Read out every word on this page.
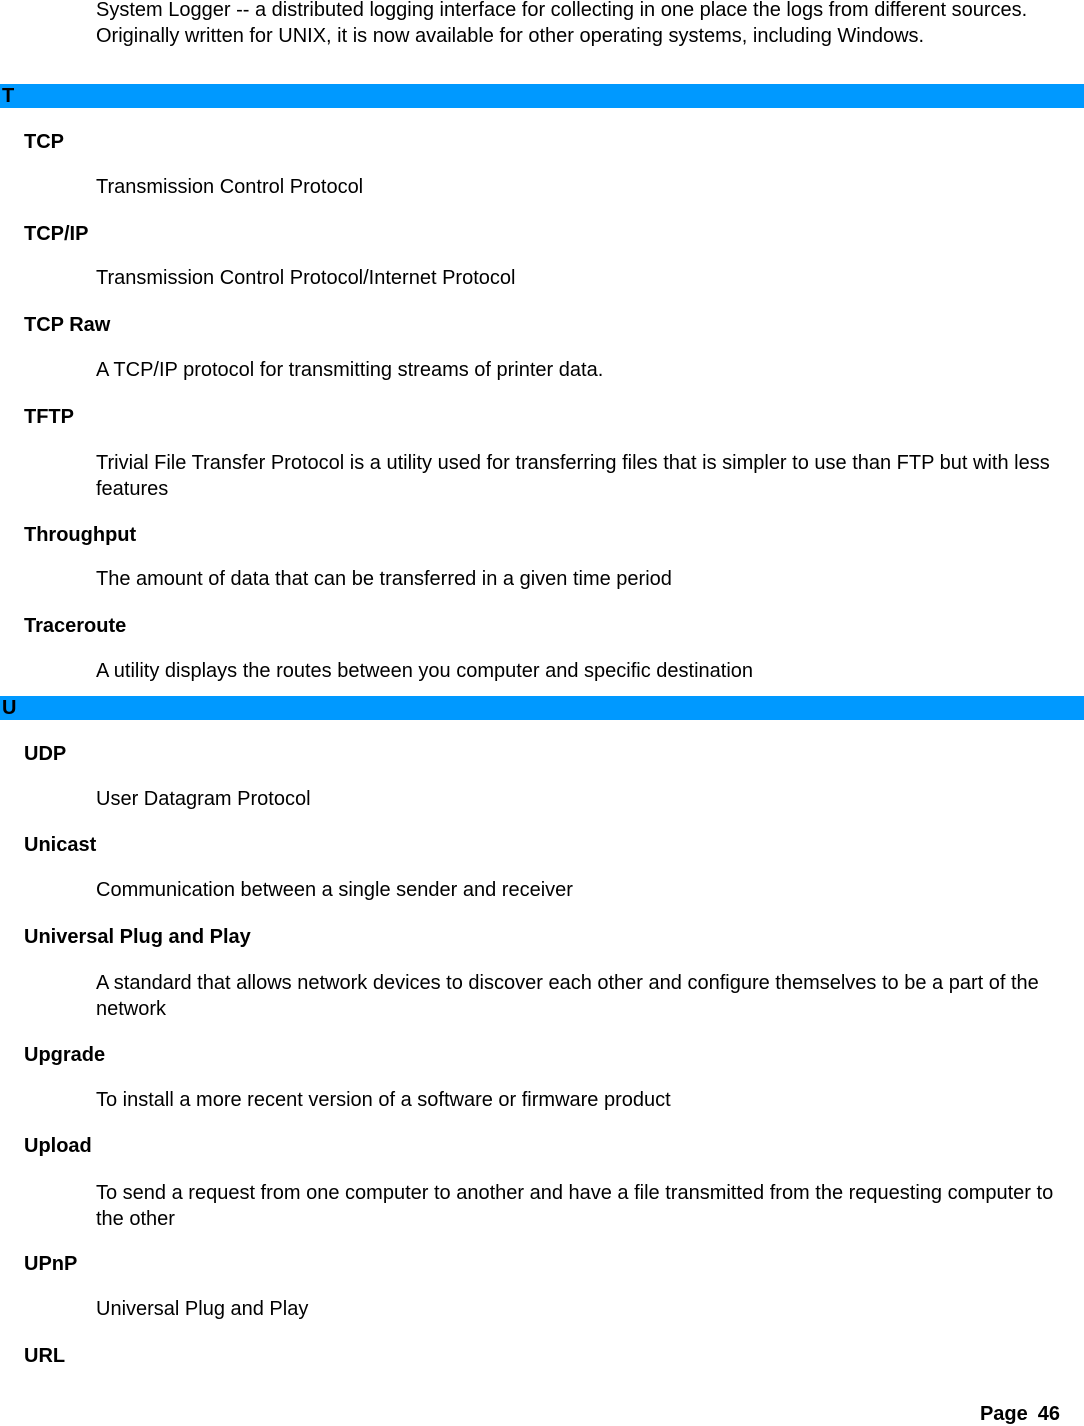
System Logger -- a distributed logging interface for collecting in one place the logs from different sources. Originally written for UNIX, it is now available for other operating systems, including Windows.
T
TCP
Transmission Control Protocol
TCP/IP
Transmission Control Protocol/Internet Protocol
TCP Raw
A TCP/IP protocol for transmitting streams of printer data.
TFTP
Trivial File Transfer Protocol is a utility used for transferring files that is simpler to use than FTP but with less features
Throughput
The amount of data that can be transferred in a given time period
Traceroute
A utility displays the routes between you computer and specific destination
U
UDP
User Datagram Protocol
Unicast
Communication between a single sender and receiver
Universal Plug and Play
A standard that allows network devices to discover each other and configure themselves to be a part of the network
Upgrade
To install a more recent version of a software or firmware product
Upload
To send a request from one computer to another and have a file transmitted from the requesting computer to the other
UPnP
Universal Plug and Play
URL
Page 46
